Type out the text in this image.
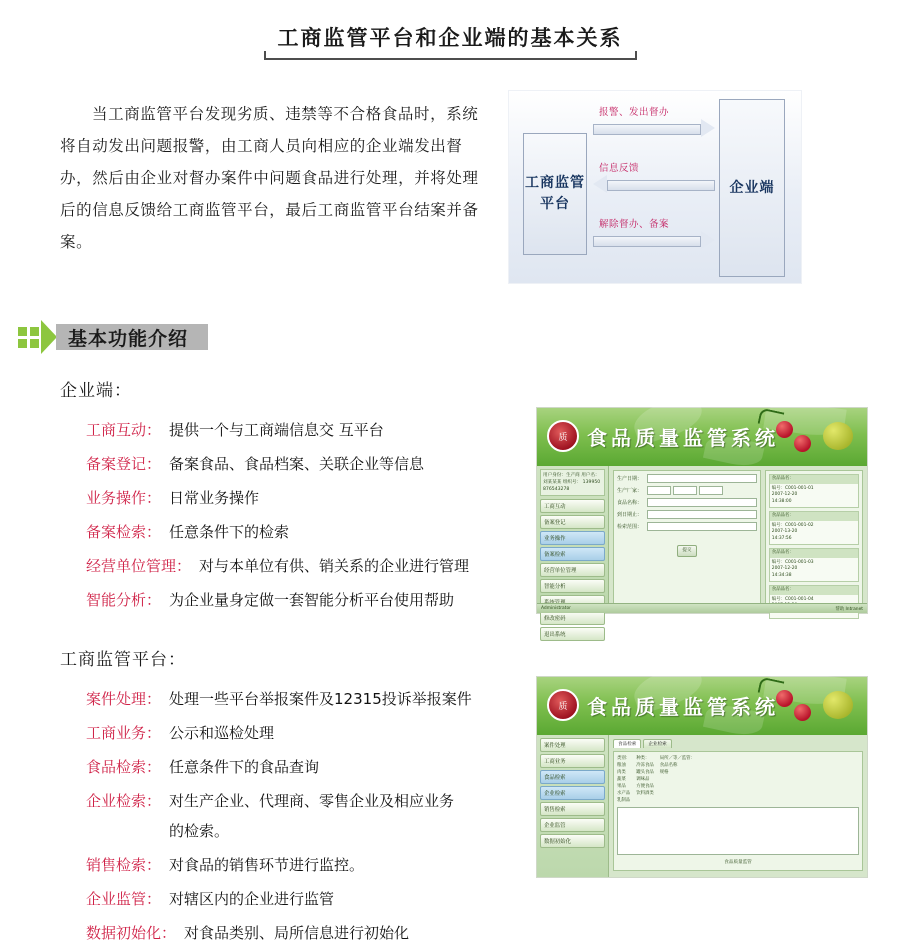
工商监管平台和企业端的基本关系
当工商监管平台发现劣质、违禁等不合格食品时，系统将自动发出问题报警，由工商人员向相应的企业端发出督办，然后由企业对督办案件中问题食品进行处理，并将处理后的信息反馈给工商监管平台，最后工商监管平台结案并备案。
工商监管平台
企业端
报警、发出督办
信息反馈
解除督办、备案
基本功能介绍
企业端：
工商互动： 提供一个与工商端信息交 互平台
备案登记： 备案食品、食品档案、关联企业等信息
业务操作： 日常业务操作
备案检索： 任意条件下的检索
经营单位管理： 对与本单位有供、销关系的企业进行管理
智能分析： 为企业量身定做一套智能分析平台使用帮助
质 食品质量监管系统
用户身份：生产商 用户名：刘某某某 组织号： 139950876543278
工商互动
备案登记
业务操作
备案检索
经营单位管理
智能分析
修改密码
退出系统
生产日期：
生产厂家：
食品名称：
到日期止：
检索范围：
提交
食品品名：
编号：C001-001-01
2007-12-20
14:38:00
食品品名：
编号：C001-001-02
2007-13-20
14:37:56
食品品名：
编号：C001-001-03
2007-12-20
14:34:38
食品品名：
编号：C001-001-04
Administrator	帮助 Intranet
工商监管平台：
案件处理： 处理一些平台举报案件及12315投诉举报案件
工商业务： 公示和巡检处理
食品检索： 任意条件下的食品查询
企业检索： 对生产企业、代理商、零售企业及相应业务
的检索。
销售检索： 对食品的销售环节进行监控。
企业监管： 对辖区内的企业进行监管
数据初始化： 对食品类别、局所信息进行初始化
质 食品质量监管系统
案件处理
工商业务
食品检索
企业检索
销售检索
企业监管
数据初始化
食品检索	企业检索
类别：
粮油
肉类
蔬菜
果品
水产品
乳制品
种类：
冷冻食品
罐头食品
调味品
方便食品
饮料酒类
局所／等／监管：
食品名称
规格
食品质量监管
